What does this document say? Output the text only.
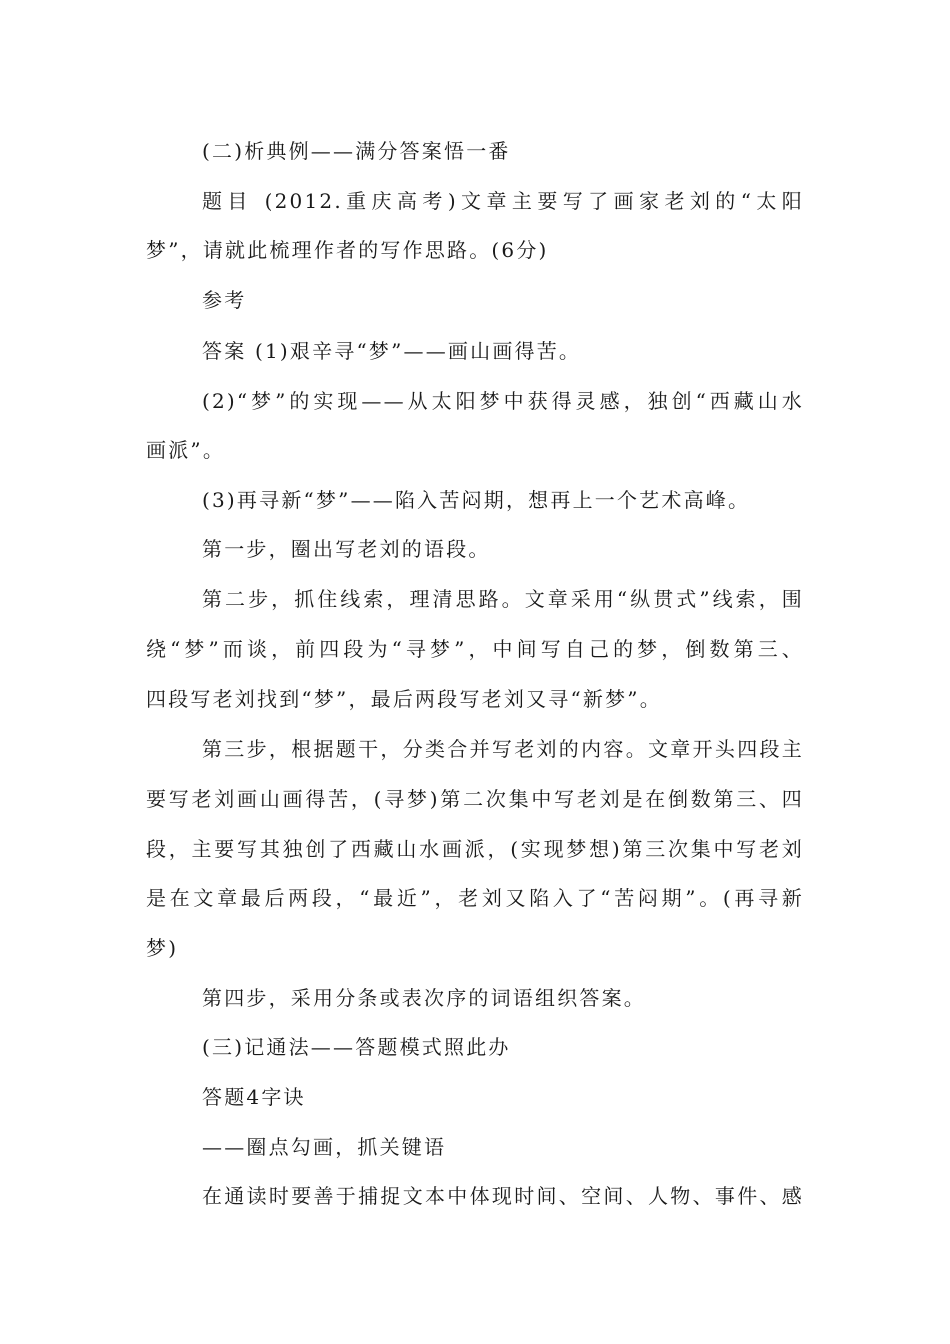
(二)析典例——满分答案悟一番
题目 (2012.重庆高考)文章主要写了画家老刘的“太阳
梦”，请就此梳理作者的写作思路。(6分)
参考
答案 (1)艰辛寻“梦”——画山画得苦。
(2)“梦”的实现——从太阳梦中获得灵感，独创“西藏山水
画派”。
(3)再寻新“梦”——陷入苦闷期，想再上一个艺术高峰。
第一步，圈出写老刘的语段。
第二步，抓住线索，理清思路。文章采用“纵贯式”线索，围
绕“梦”而谈，前四段为“寻梦”，中间写自己的梦，倒数第三、
四段写老刘找到“梦”，最后两段写老刘又寻“新梦”。
第三步，根据题干，分类合并写老刘的内容。文章开头四段主
要写老刘画山画得苦，(寻梦)第二次集中写老刘是在倒数第三、四
段，主要写其独创了西藏山水画派，(实现梦想)第三次集中写老刘
是在文章最后两段，“最近”，老刘又陷入了“苦闷期”。(再寻新
梦)
第四步，采用分条或表次序的词语组织答案。
(三)记通法——答题模式照此办
答题4字诀
——圈点勾画，抓关键语
在通读时要善于捕捉文本中体现时间、空间、人物、事件、感
